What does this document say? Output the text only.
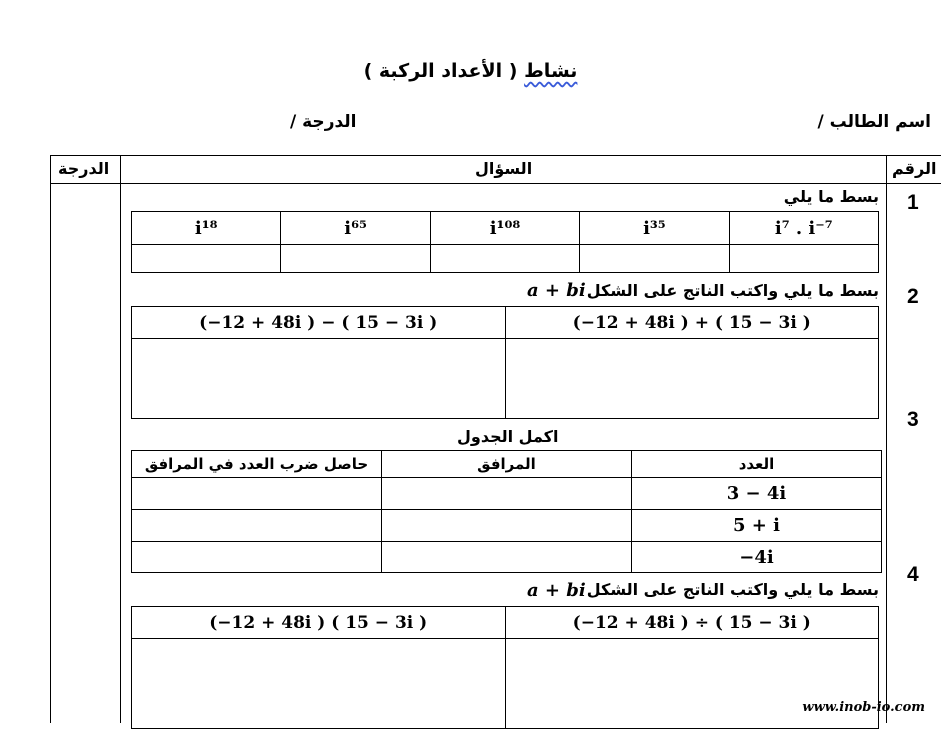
نشاط ( الأعداد الركبة )
اسم الطالب /
الدرجة /
الدرجة	السؤال	الرقم
1
2
3
4
بسط ما يلي
i¹⁸	i⁶⁵	i¹⁰⁸	i³⁵	i⁷ . i⁻⁷

بسط ما يلي واكتب الناتج على الشكل
a + bi
(−12 + 48i ) − ( 15 − 3i )	(−12 + 48i ) + ( 15 − 3i )

اكمل الجدول
حاصل ضرب العدد في المرافق	المرافق	العدد
		3 − 4i
		5 + i
		−4i
بسط ما يلي واكتب الناتج على الشكل
a + bi
(−12 + 48i ) ( 15 − 3i )	(−12 + 48i ) ÷ ( 15 − 3i )

www.inob-io.com
